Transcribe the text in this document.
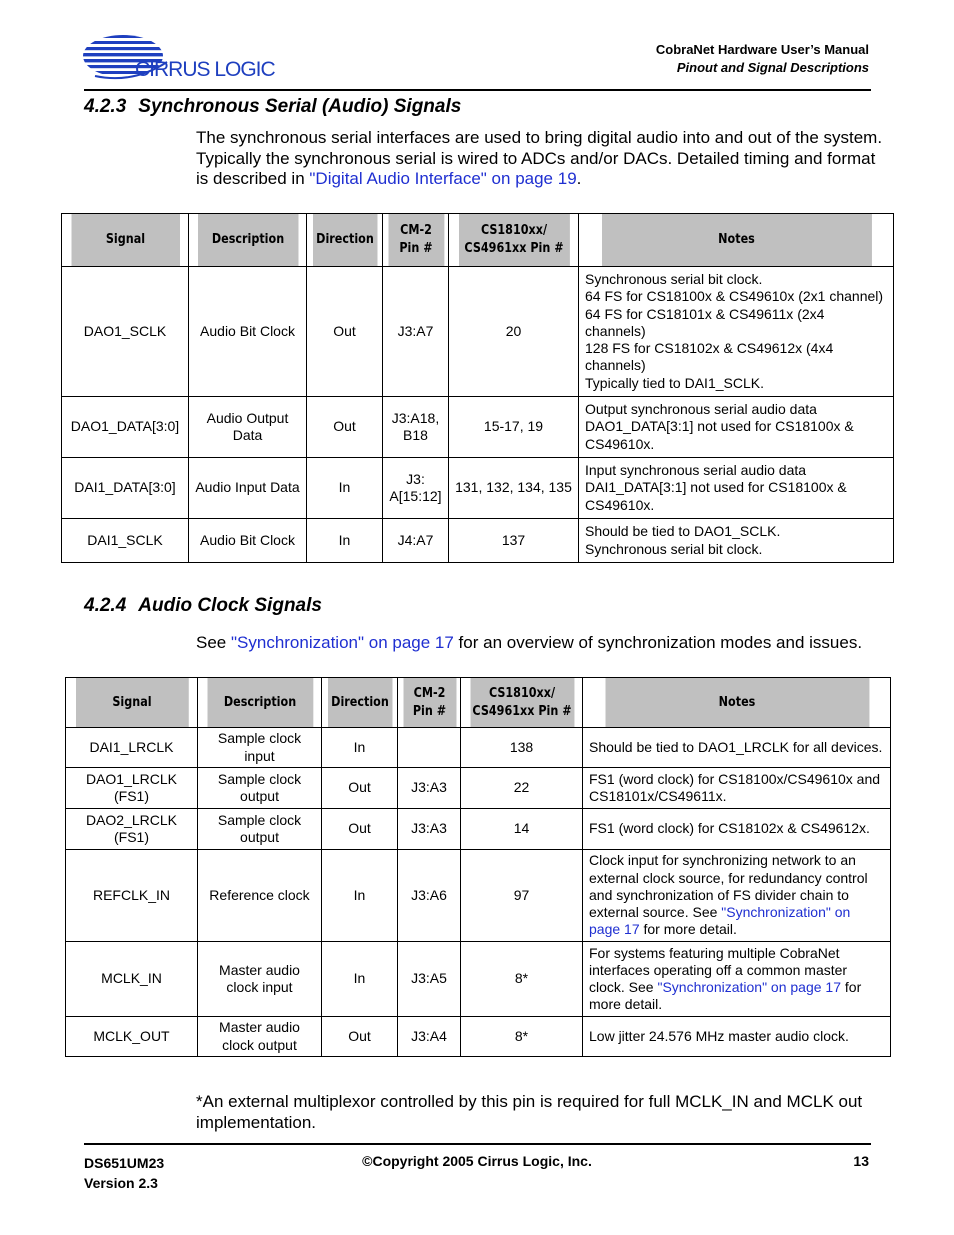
CIRRUS LOGIC
CobraNet Hardware User’s Manual
Pinout and Signal Descriptions
4.2.3 Synchronous Serial (Audio) Signals
The synchronous serial interfaces are used to bring digital audio into and out of the system. Typically the synchronous serial is wired to ADCs and/or DACs. Detailed timing and format is described in "Digital Audio Interface" on page 19.
Signal	Description	Direction	CM-2 Pin #	CS1810xx/ CS4961xx Pin #	Notes
DAO1_SCLK	Audio Bit Clock	Out	J3:A7	20	Synchronous serial bit clock.
64 FS for CS18100x & CS49610x (2x1 channel)
64 FS for CS18101x & CS49611x (2x4 channels)
128 FS for CS18102x & CS49612x (4x4 channels)
Typically tied to DAI1_SCLK.

DAO1_DATA[3:0]	Audio Output Data	Out	J3:A18, B18	15-17, 19	Output synchronous serial audio data
DAO1_DATA[3:1] not used for CS18100x & CS49610x.

DAI1_DATA[3:0]	Audio Input Data	In	J3: A[15:12]	131, 132, 134, 135	Input synchronous serial audio data
DAI1_DATA[3:1] not used for CS18100x & CS49610x.

DAI1_SCLK	Audio Bit Clock	In	J4:A7	137	Should be tied to DAO1_SCLK.
Synchronous serial bit clock.
4.2.4 Audio Clock Signals
See "Synchronization" on page 17 for an overview of synchronization modes and issues.
Signal	Description	Direction	CM-2 Pin #	CS1810xx/ CS4961xx Pin #	Notes
DAI1_LRCLK	Sample clock input	In		138	Should be tied to DAO1_LRCLK for all devices.
DAO1_LRCLK (FS1)	Sample clock output	Out	J3:A3	22	FS1 (word clock) for CS18100x/CS49610x and CS18101x/CS49611x.
DAO2_LRCLK (FS1)	Sample clock output	Out	J3:A3	14	FS1 (word clock) for CS18102x & CS49612x.
REFCLK_IN	Reference clock	In	J3:A6	97	Clock input for synchronizing network to an external clock source, for redundancy control and synchronization of FS divider chain to external source. See "Synchronization" on page 17 for more detail.
MCLK_IN	Master audio clock input	In	J3:A5	8*	For systems featuring multiple CobraNet interfaces operating off a common master clock. See "Synchronization" on page 17 for more detail.
MCLK_OUT	Master audio clock output	Out	J3:A4	8*	Low jitter 24.576 MHz master audio clock.
*An external multiplexor controlled by this pin is required for full MCLK_IN and MCLK out implementation.
DS651UM23
Version 2.3
©Copyright 2005 Cirrus Logic, Inc.	13
